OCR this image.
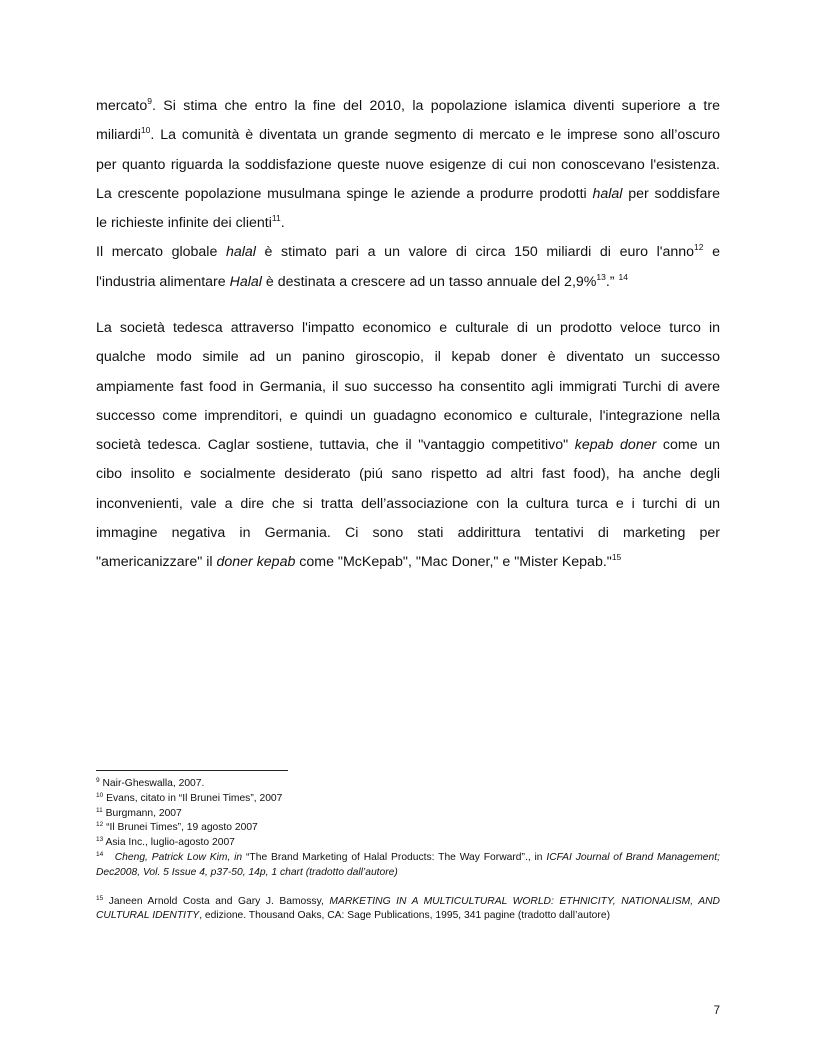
mercato$^9$. Si stima che entro la fine del 2010, la popolazione islamica diventi superiore a tre
miliardi$^{10}$. La comunità è diventata un grande segmento di mercato e le imprese sono all’oscuro
per quanto riguarda la soddisfazione queste nuove esigenze di cui non conoscevano l'esistenza.
La crescente popolazione musulmana spinge le aziende a produrre prodotti halal per soddisfare
le richieste infinite dei clienti$^{11}$.
Il mercato globale halal è stimato pari a un valore di circa 150 miliardi di euro l'anno$^{12}$ e
l'industria alimentare Halal è destinata a crescere ad un tasso annuale del 2,9%$^{13}$.” $^{14}$
La società tedesca attraverso l'impatto economico e culturale di un prodotto veloce turco in
qualche modo simile ad un panino giroscopio, il kepab doner è diventato un successo
ampiamente fast food in Germania, il suo successo ha consentito agli immigrati Turchi di avere
successo come imprenditori, e quindi un guadagno economico e culturale, l'integrazione nella
società tedesca. Caglar sostiene, tuttavia, che il "vantaggio competitivo" kepab doner come un
cibo insolito e socialmente desiderato (piú sano rispetto ad altri fast food), ha anche degli
inconvenienti, vale a dire che si tratta dell’associazione con la cultura turca e i turchi di un
immagine negativa in Germania. Ci sono stati addirittura tentativi di marketing per
"americanizzare" il doner kepab come "McKepab", "Mac Doner," e "Mister Kepab."$^{15}$
$^9$ Nair-Gheswalla, 2007.
$^{10}$ Evans, citato in “Il Brunei Times”, 2007
$^{11}$ Burgmann, 2007
$^{12}$ “Il Brunei Times”, 19 agosto 2007
$^{13}$ Asia Inc., luglio-agosto 2007
$^{14}$ Cheng, Patrick Low Kim, in “The Brand Marketing of Halal Products: The Way Forward”., in ICFAI Journal of Brand Management; Dec2008, Vol. 5 Issue 4, p37-50, 14p, 1 chart (tradotto dall’autore)
$^{15}$ Janeen Arnold Costa and Gary J. Bamossy, MARKETING IN A MULTICULTURAL WORLD: ETHNICITY, NATIONALISM, AND CULTURAL IDENTITY, edizione. Thousand Oaks, CA: Sage Publications, 1995, 341 pagine (tradotto dall’autore)
7
